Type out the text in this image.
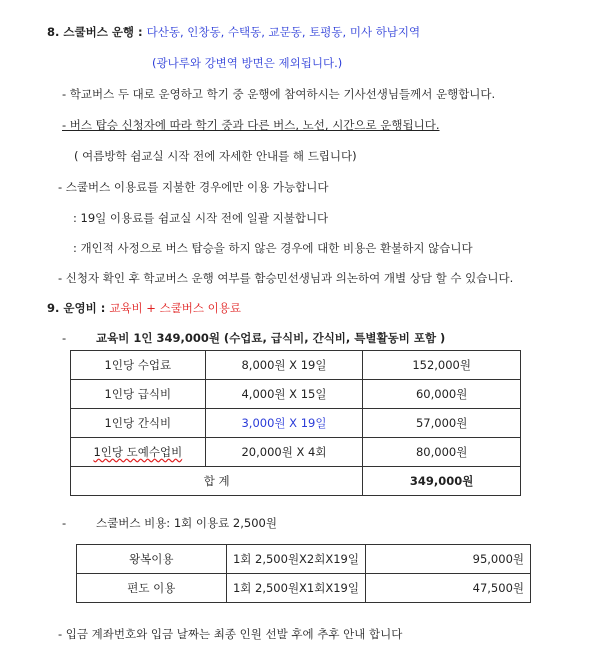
8. 스쿨버스 운행 : 다산동, 인창동, 수택동, 교문동, 토평동, 미사 하남지역
(광나루와 강변역 방면은 제외됩니다.)
- 학교버스 두 대로 운영하고 학기 중 운행에 참여하시는 기사선생님들께서 운행합니다.
- 버스 탑승 신청자에 따라 학기 중과 다른 버스, 노선, 시간으로 운행됩니다.
( 여름방학 쉼교실 시작 전에 자세한 안내를 해 드립니다)
- 스쿨버스 이용료를 지불한 경우에만 이용 가능합니다
: 19일 이용료를 쉼교실 시작 전에 일괄 지불합니다
: 개인적 사정으로 버스 탑승을 하지 않은 경우에 대한 비용은 환불하지 않습니다
- 신청자 확인 후 학교버스 운행 여부를 함승민선생님과 의논하여 개별 상담 할 수 있습니다.
9. 운영비 : 교육비 + 스쿨버스 이용료
-	교육비 1인 349,000원 (수업료, 급식비, 간식비, 특별활동비 포함 )
1인당 수업료	8,000원 X 19일	152,000원
1인당 급식비	4,000원 X 15일	60,000원
1인당 간식비	3,000원 X 19일	57,000원
1인당 도예수업비	20,000원 X 4회	80,000원
합 계		349,000원
-	스쿨버스 비용: 1회 이용료 2,500원
왕복이용	1회 2,500원X2회X19일	95,000원
편도 이용	1회 2,500원X1회X19일	47,500원
- 입금 계좌번호와 입금 날짜는 최종 인원 선발 후에 추후 안내 합니다
